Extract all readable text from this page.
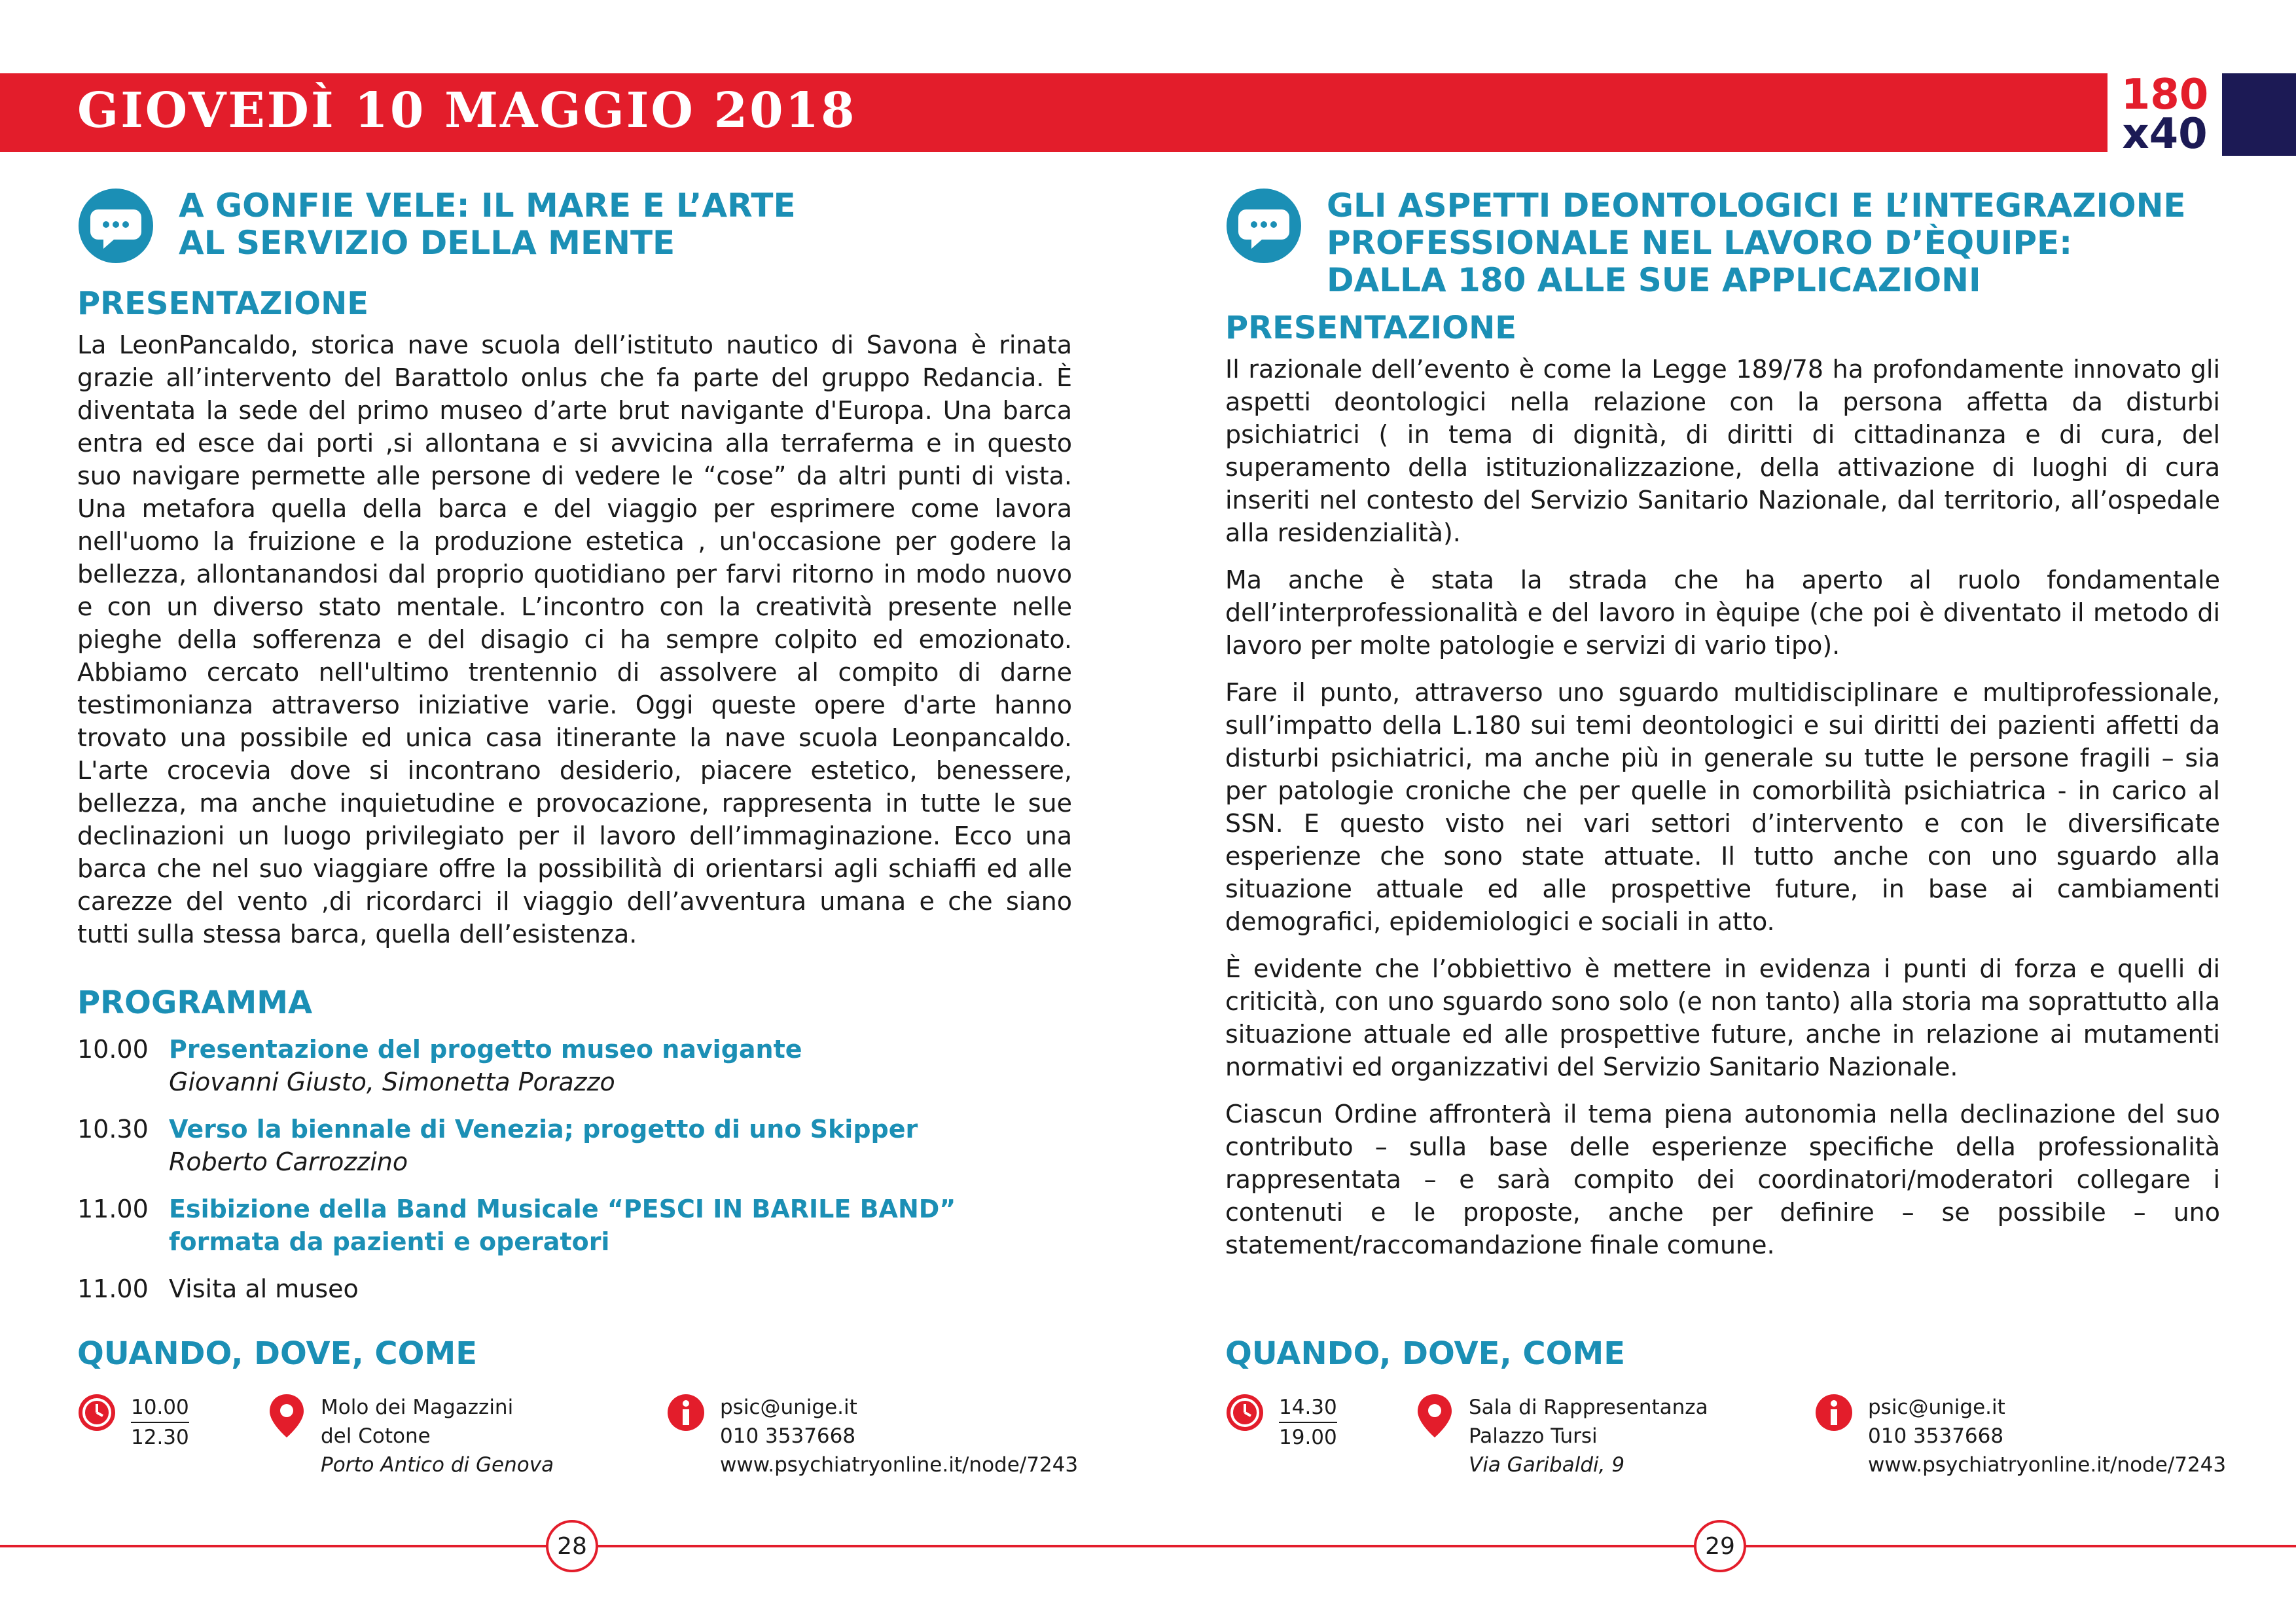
GIOVEDÌ 10 MAGGIO 2018	180
x40
A GONFIE VELE: IL MARE E L’ARTE
AL SERVIZIO DELLA MENTE
PRESENTAZIONE

La LeonPancaldo, storica nave scuola dell’istituto nautico di Savona è rinata grazie all’intervento del Barattolo onlus che fa parte del gruppo Redancia. È diventata la sede del primo museo d’arte brut navigante d'Europa. Una barca entra ed esce dai porti ,si allontana e si avvicina alla terraferma e in questo suo navigare permette alle persone di vedere le “cose” da altri punti di vista. Una metafora quella della barca e del viaggio per esprimere come lavora nell'uomo la fruizione e la produzione estetica , un'occasione per godere la bellezza, allontanandosi dal proprio quotidiano per farvi ritorno in modo nuovo e con un diverso stato mentale. L’incontro con la creatività presente nelle pieghe della sofferenza e del disagio ci ha sempre colpito ed emozionato. Abbiamo cercato nell'ultimo trentennio di assolvere al compito di darne testimonianza attraverso iniziative varie. Oggi queste opere d'arte hanno trovato una possibile ed unica casa itinerante la nave scuola Leonpancaldo. L'arte crocevia dove si incontrano desiderio, piacere estetico, benessere, bellezza, ma anche inquietudine e provocazione, rappresenta in tutte le sue declinazioni un luogo privilegiato per il lavoro dell’immaginazione. Ecco una barca che nel suo viaggiare offre la possibilità di orientarsi agli schiaffi ed alle carezze del vento ,di ricordarci il viaggio dell’avventura umana e che siano tutti sulla stessa barca, quella dell’esistenza.

PROGRAMMA
10.00 Presentazione del progetto museo navigante
Giovanni Giusto, Simonetta Porazzo
10.30 Verso la biennale di Venezia; progetto di uno Skipper
Roberto Carrozzino
11.00 Esibizione della Band Musicale “PESCI IN BARILE BAND”
formata da pazienti e operatori
11.00 Visita al museo
QUANDO, DOVE, COME
10.00
12.30
Molo dei Magazzini
del Cotone
Porto Antico di Genova
psic@unige.it
010 3537668
www.psychiatryonline.it/node/7243
GLI ASPETTI DEONTOLOGICI E L’INTEGRAZIONE
PROFESSIONALE NEL LAVORO D’ÈQUIPE:
DALLA 180 ALLE SUE APPLICAZIONI
PRESENTAZIONE

Il razionale dell’evento è come la Legge 189/78 ha profondamente innovato gli aspetti deontologici nella relazione con la persona affetta da disturbi psichiatrici ( in tema di dignità, di diritti di cittadinanza e di cura, del superamento della istituzionalizzazione, della attivazione di luoghi di cura inseriti nel contesto del Servizio Sanitario Nazionale, dal territorio, all’ospedale alla residenzialità).

Ma anche è stata la strada che ha aperto al ruolo fondamentale dell’interprofessionalità e del lavoro in èquipe (che poi è diventato il metodo di lavoro per molte patologie e servizi di vario tipo).

Fare il punto, attraverso uno sguardo multidisciplinare e multiprofessionale, sull’impatto della L.180 sui temi deontologici e sui diritti dei pazienti affetti da disturbi psichiatrici, ma anche più in generale su tutte le persone fragili – sia per patologie croniche che per quelle in comorbilità psichiatrica - in carico al SSN. E questo visto nei vari settori d’intervento e con le diversificate esperienze che sono state attuate. Il tutto anche con uno sguardo alla situazione attuale ed alle prospettive future, in base ai cambiamenti demografici, epidemiologici e sociali in atto.

È evidente che l’obbiettivo è mettere in evidenza i punti di forza e quelli di criticità, con uno sguardo sono solo (e non tanto) alla storia ma soprattutto alla situazione attuale ed alle prospettive future, anche in relazione ai mutamenti normativi ed organizzativi del Servizio Sanitario Nazionale.

Ciascun Ordine affronterà il tema piena autonomia nella declinazione del suo contributo – sulla base delle esperienze specifiche della professionalità rappresentata – e sarà compito dei coordinatori/moderatori collegare i contenuti e le proposte, anche per definire – se possibile – uno statement/raccomandazione finale comune.

QUANDO, DOVE, COME
14.30
19.00
Sala di Rappresentanza
Palazzo Tursi
Via Garibaldi, 9
psic@unige.it
010 3537668
www.psychiatryonline.it/node/7243
28	29
